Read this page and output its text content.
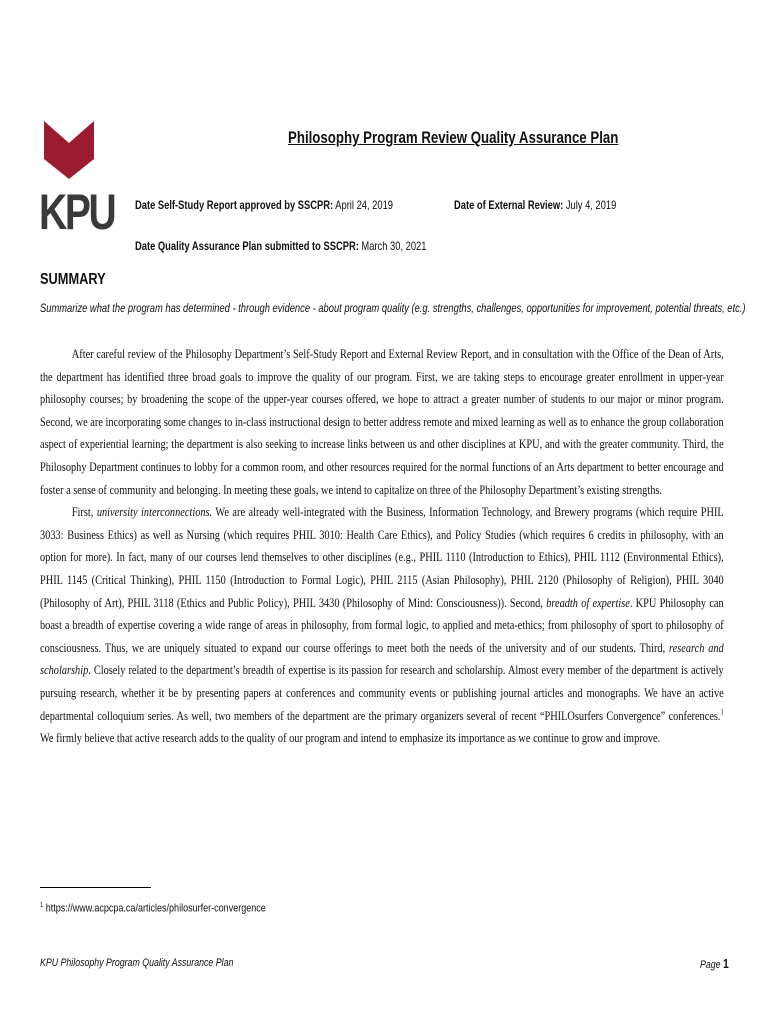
KPU
Philosophy Program Review Quality Assurance Plan
Date Self-Study Report approved by SSCPR: April 24, 2019	Date of External Review: July 4, 2019
Date Quality Assurance Plan submitted to SSCPR: March 30, 2021
SUMMARY
Summarize what the program has determined - through evidence - about program quality (e.g. strengths, challenges, opportunities for improvement, potential threats, etc.)

After careful review of the Philosophy Department’s Self-Study Report and External Review Report, and in consultation with the Office of the Dean of Arts, the department has identified three broad goals to improve the quality of our program. First, we are taking steps to encourage greater enrollment in upper-year philosophy courses; by broadening the scope of the upper-year courses offered, we hope to attract a greater number of students to our major or minor program. Second, we are incorporating some changes to in-class instructional design to better address remote and mixed learning as well as to enhance the group collaboration aspect of experiential learning; the department is also seeking to increase links between us and other disciplines at KPU, and with the greater community. Third, the Philosophy Department continues to lobby for a common room, and other resources required for the normal functions of an Arts department to better encourage and foster a sense of community and belonging. In meeting these goals, we intend to capitalize on three of the Philosophy Department’s existing strengths.

First, university interconnections. We are already well-integrated with the Business, Information Technology, and Brewery programs (which require PHIL 3033: Business Ethics) as well as Nursing (which requires PHIL 3010: Health Care Ethics), and Policy Studies (which requires 6 credits in philosophy, with an option for more). In fact, many of our courses lend themselves to other disciplines (e.g., PHIL 1110 (Introduction to Ethics), PHIL 1112 (Environmental Ethics), PHIL 1145 (Critical Thinking), PHIL 1150 (Introduction to Formal Logic), PHIL 2115 (Asian Philosophy), PHIL 2120 (Philosophy of Religion), PHIL 3040 (Philosophy of Art), PHIL 3118 (Ethics and Public Policy), PHIL 3430 (Philosophy of Mind: Consciousness)). Second, breadth of expertise. KPU Philosophy can boast a breadth of expertise covering a wide range of areas in philosophy, from formal logic, to applied and meta-ethics; from philosophy of sport to philosophy of consciousness. Thus, we are uniquely situated to expand our course offerings to meet both the needs of the university and of our students. Third, research and scholarship. Closely related to the department’s breadth of expertise is its passion for research and scholarship. Almost every member of the department is actively pursuing research, whether it be by presenting papers at conferences and community events or publishing journal articles and monographs. We have an active departmental colloquium series. As well, two members of the department are the primary organizers several of recent “PHILOsurfers Convergence” conferences.$^1$ We firmly believe that active research adds to the quality of our program and intend to emphasize its importance as we continue to grow and improve.

$^1$ https://www.acpcpa.ca/articles/philosurfer-convergence
KPU Philosophy Program Quality Assurance Plan	Page 1
